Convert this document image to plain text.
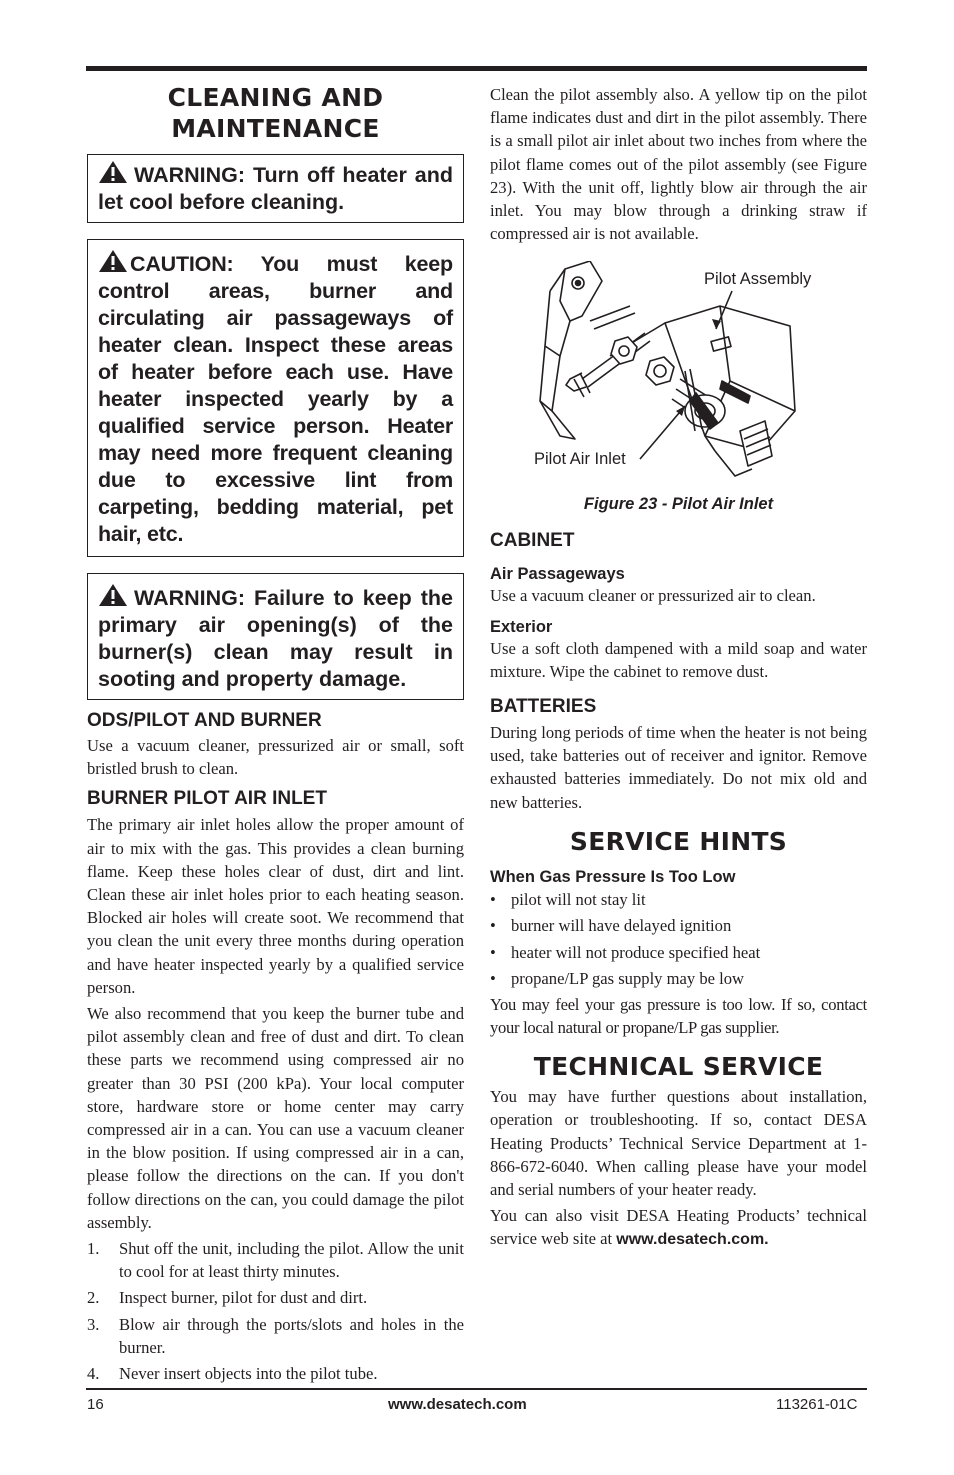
CLEANING AND
MAINTENANCE
WARNING: Turn off heater and let cool before cleaning.
CAUTION: You must keep control areas, burner and circulating air passageways of heater clean. Inspect these areas of heater before each use. Have heater inspected yearly by a qualified service person. Heater may need more frequent cleaning due to excessive lint from carpeting, bedding material, pet hair, etc.
WARNING: Failure to keep the primary air opening(s) of the burner(s) clean may result in sooting and property damage.
ODS/PILOT AND BURNER

Use a vacuum cleaner, pressurized air or small, soft bristled brush to clean.

BURNER PILOT AIR INLET

The primary air inlet holes allow the proper amount of air to mix with the gas. This provides a clean burning flame. Keep these holes clear of dust, dirt and lint. Clean these air inlet holes prior to each heating season. Blocked air holes will create soot. We recommend that you clean the unit every three months during operation and have heater inspected yearly by a qualified service person.

We also recommend that you keep the burner tube and pilot assembly clean and free of dust and dirt. To clean these parts we recommend using compressed air no greater than 30 PSI (200 kPa). Your local computer store, hardware store or home center may carry compressed air in a can. You can use a vacuum cleaner in the blow position. If using compressed air in a can, please follow the directions on the can. If you don't follow directions on the can, you could damage the pilot assembly.

1. Shut off the unit, including the pilot. Allow the unit to cool for at least thirty minutes.
2. Inspect burner, pilot for dust and dirt.
3. Blow air through the ports/slots and holes in the burner.
4. Never insert objects into the pilot tube.

Clean the pilot assembly also. A yellow tip on the pilot flame indicates dust and dirt in the pilot assembly. There is a small pilot air inlet about two inches from where the pilot flame comes out of the pilot assembly (see Figure 23). With the unit off, lightly blow air through the air inlet. You may blow through a drinking straw if compressed air is not available.

Pilot Assembly
Pilot Air Inlet
Figure 23 - Pilot Air Inlet
CABINET
Air Passageways

Use a vacuum cleaner or pressurized air to clean.

Exterior

Use a soft cloth dampened with a mild soap and water mixture. Wipe the cabinet to remove dust.

BATTERIES

During long periods of time when the heater is not being used, take batteries out of receiver and ignitor. Remove exhausted batteries immediately. Do not mix old and new batteries.

SERVICE HINTS
When Gas Pressure Is Too Low
• pilot will not stay lit
• burner will have delayed ignition
• heater will not produce specified heat
• propane/LP gas supply may be low

You may feel your gas pressure is too low. If so, contact your local natural or propane/LP gas supplier.

TECHNICAL SERVICE

You may have further questions about installation, operation or troubleshooting. If so, contact DESA Heating Products’ Technical Service Department at 1-866-672-6040. When calling please have your model and serial numbers of your heater ready.

You can also visit DESA Heating Products’ technical service web site at www.desatech.com.

16	www.desatech.com	113261-01C
